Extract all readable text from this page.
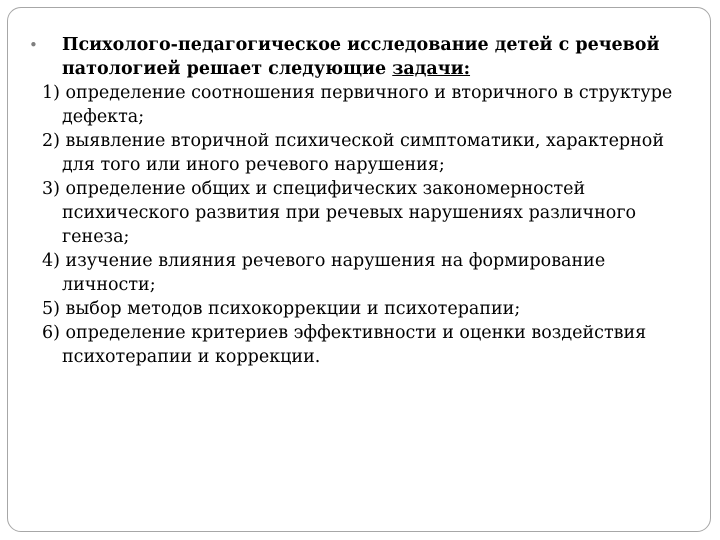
• Психолого-педагогическое исследование детей с речевой патологией решает следующие задачи:
1) определение соотношения первичного и вторичного в структуре дефекта;
2) выявление вторичной психической симптоматики, характерной для того или иного речевого нарушения;
3) определение общих и специфических закономерностей психического развития при речевых нарушениях различного генеза;
4) изучение влияния речевого нарушения на формирование личности;
5) выбор методов психокоррекции и психотерапии;
6) определение критериев эффективности и оценки воздействия психотерапии и коррекции.
